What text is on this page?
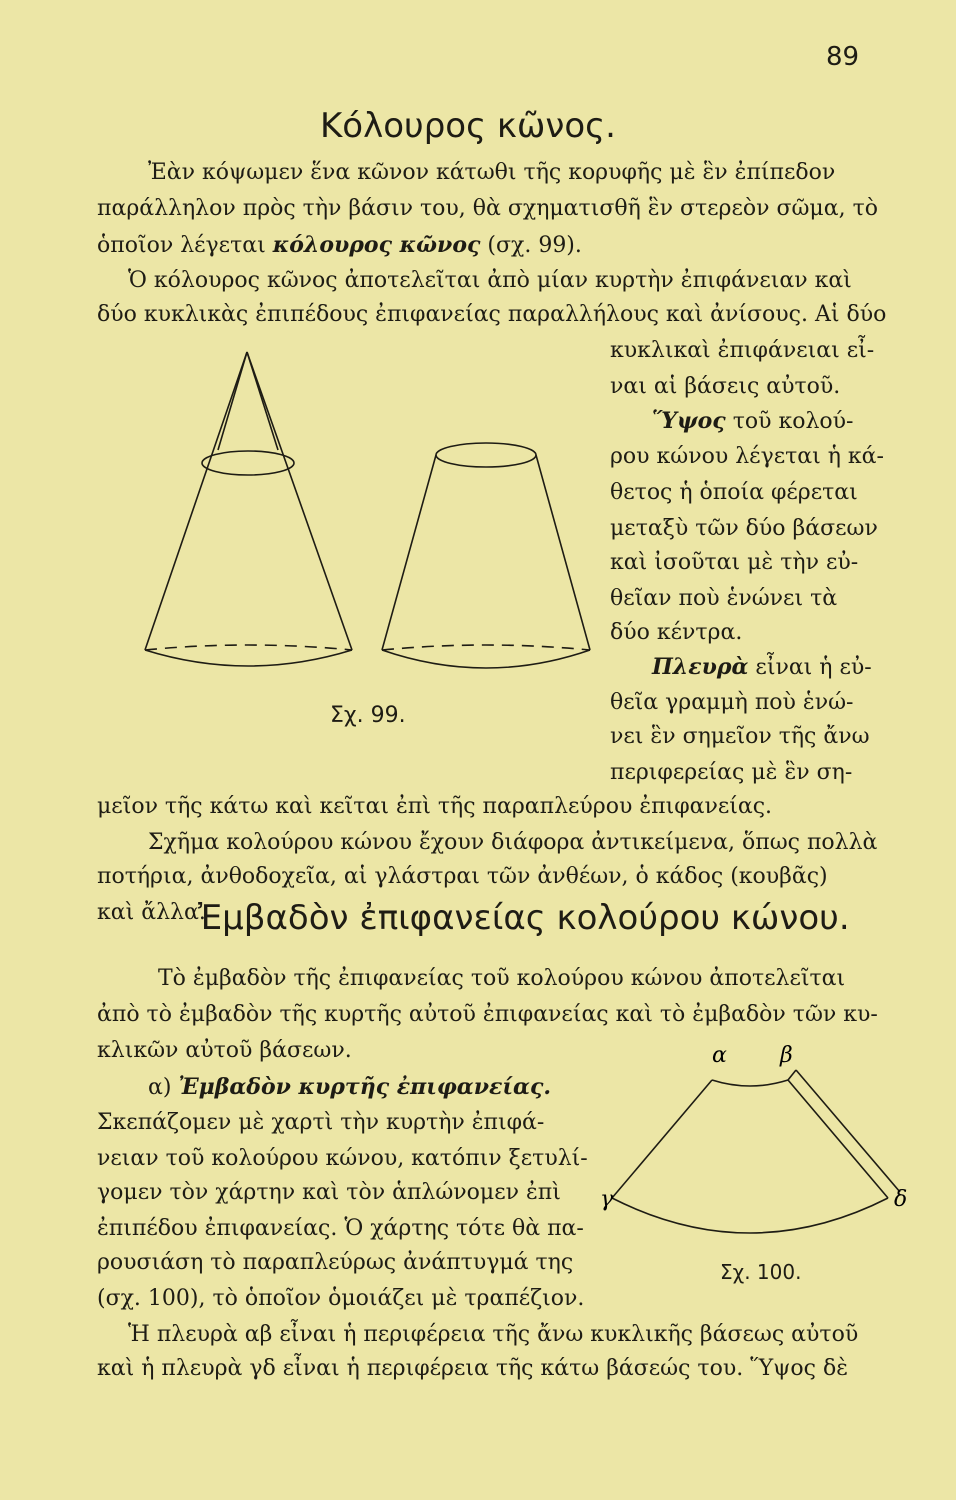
89
Κόλουρος κῶνος.
Ἐὰν κόψωμεν ἕνα κῶνον κάτωθι τῆς κορυφῆς μὲ ἓν ἐπίπεδον
παράλληλον πρὸς τὴν βάσιν του, θὰ σχηματισθῆ ἓν στερεὸν σῶμα, τὸ
ὁποῖον λέγεται κόλουρος κῶνος (σχ. 99).
Ὁ κόλουρος κῶνος ἀποτελεῖται ἀπὸ μίαν κυρτὴν ἐπιφάνειαν καὶ
δύο κυκλικὰς ἐπιπέδους ἐπιφανείας παραλλήλους καὶ ἀνίσους. Αἱ δύο
κυκλικαὶ ἐπιφάνειαι εἶ-
ναι αἱ βάσεις αὐτοῦ.
Ὕψος τοῦ κολού-
ρου κώνου λέγεται ἡ κά-
θετος ἡ ὁποία φέρεται
μεταξὺ τῶν δύο βάσεων
καὶ ἰσοῦται μὲ τὴν εὐ-
θεῖαν ποὺ ἑνώνει τὰ
δύο κέντρα.
Πλευρὰ εἶναι ἡ εὐ-
θεῖα γραμμὴ ποὺ ἑνώ-
νει ἓν σημεῖον τῆς ἄνω
περιφερείας μὲ ἓν ση-
Σχ. 99.
μεῖον τῆς κάτω καὶ κεῖται ἐπὶ τῆς παραπλεύρου ἐπιφανείας.
Σχῆμα κολούρου κώνου ἔχουν διάφορα ἀντικείμενα, ὅπως πολλὰ
ποτήρια, ἀνθοδοχεῖα, αἱ γλάστραι τῶν ἀνθέων, ὁ κάδος (κουβᾶς)
καὶ ἄλλα.
Ἐμβαδὸν ἐπιφανείας κολούρου κώνου.
Τὸ ἐμβαδὸν τῆς ἐπιφανείας τοῦ κολούρου κώνου ἀποτελεῖται
ἀπὸ τὸ ἐμβαδὸν τῆς κυρτῆς αὐτοῦ ἐπιφανείας καὶ τὸ ἐμβαδὸν τῶν κυ-
κλικῶν αὐτοῦ βάσεων.
α) Ἐμβαδὸν κυρτῆς ἐπιφανείας.
Σκεπάζομεν μὲ χαρτὶ τὴν κυρτὴν ἐπιφά-
νειαν τοῦ κολούρου κώνου, κατόπιν ξετυλί-
γομεν τὸν χάρτην καὶ τὸν ἁπλώνομεν ἐπὶ
ἐπιπέδου ἐπιφανείας. Ὁ χάρτης τότε θὰ πα-
ρουσιάση τὸ παραπλεύρως ἀνάπτυγμά της
(σχ. 100), τὸ ὁποῖον ὁμοιάζει μὲ τραπέζιον.
α β
γ	δ
Σχ. 100.
Ἡ πλευρὰ αβ εἶναι ἡ περιφέρεια τῆς ἄνω κυκλικῆς βάσεως αὐτοῦ
καὶ ἡ πλευρὰ γδ εἶναι ἡ περιφέρεια τῆς κάτω βάσεώς του. Ὕψος δὲ
